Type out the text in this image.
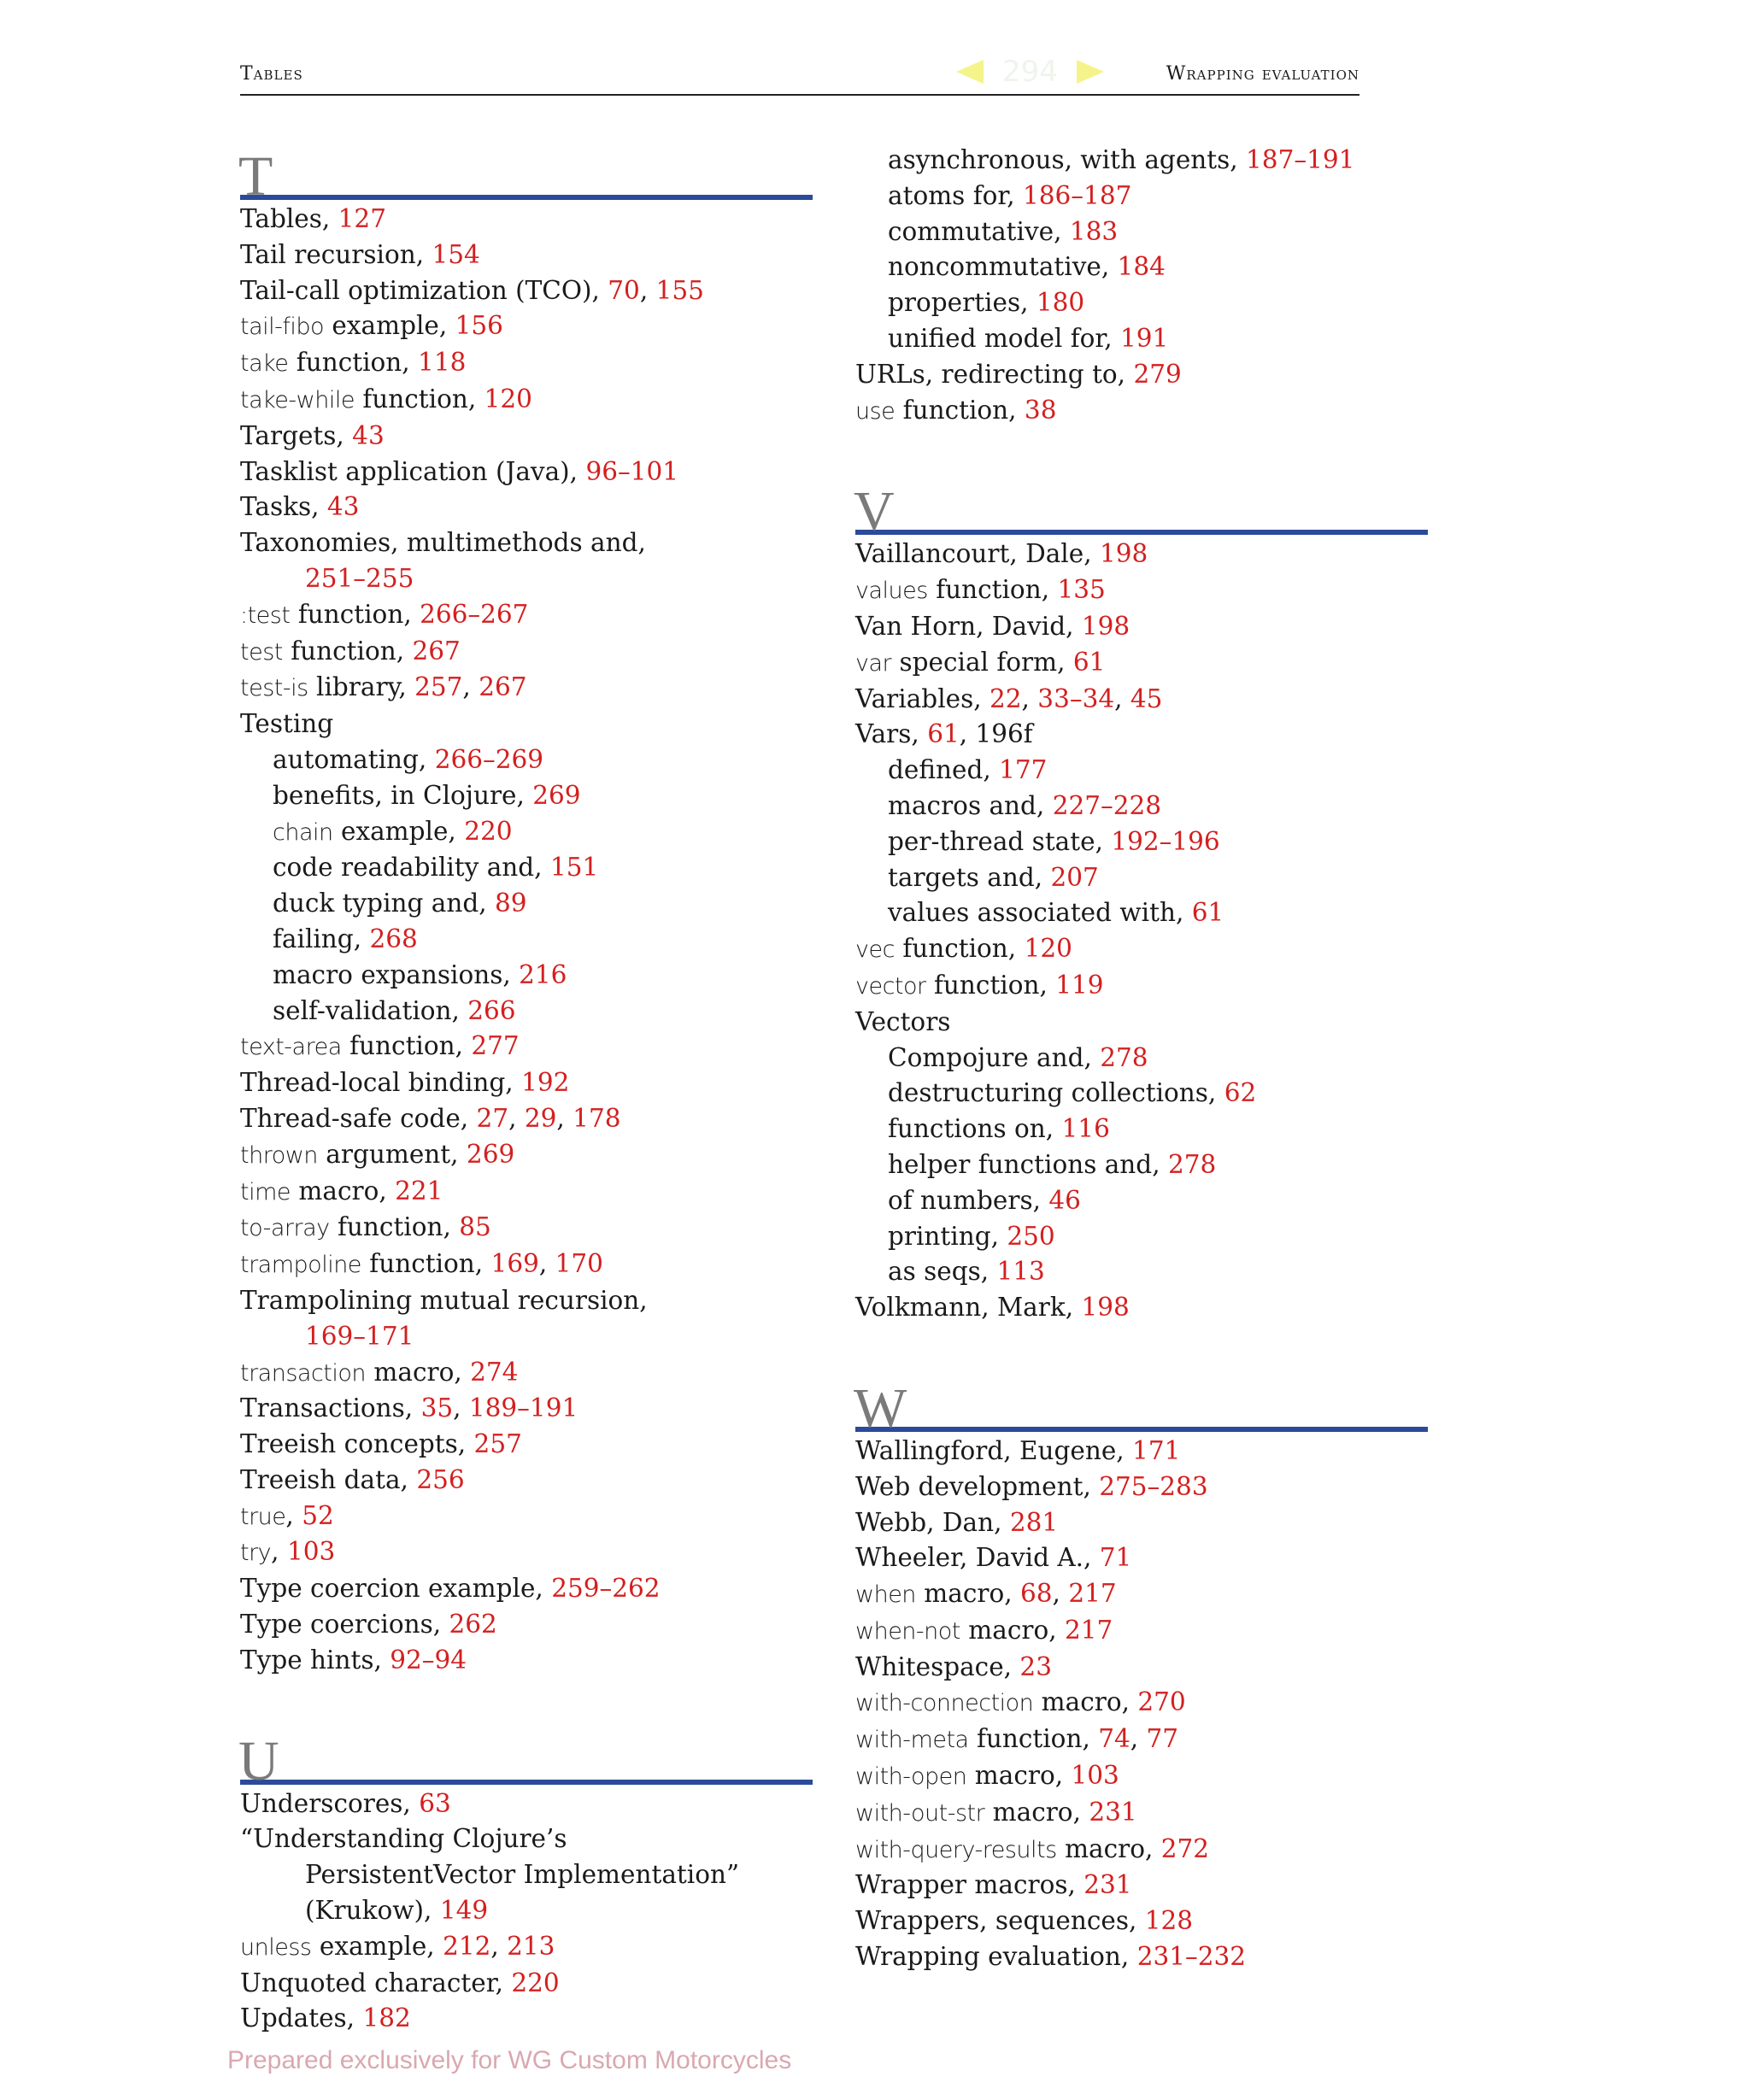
Tables	294	Wrapping evaluation
T
Tables, 127
Tail recursion, 154
Tail-call optimization (TCO), 70, 155
tail-fibo example, 156
take function, 118
take-while function, 120
Targets, 43
Tasklist application (Java), 96–101
Tasks, 43
Taxonomies, multimethods and,
251–255
:test function, 266–267
test function, 267
test-is library, 257, 267
Testing
automating, 266–269
benefits, in Clojure, 269
chain example, 220
code readability and, 151
duck typing and, 89
failing, 268
macro expansions, 216
self-validation, 266
text-area function, 277
Thread-local binding, 192
Thread-safe code, 27, 29, 178
thrown argument, 269
time macro, 221
to-array function, 85
trampoline function, 169, 170
Trampolining mutual recursion,
169–171
transaction macro, 274
Transactions, 35, 189–191
Treeish concepts, 257
Treeish data, 256
true, 52
try, 103
Type coercion example, 259–262
Type coercions, 262
Type hints, 92–94
U
Underscores, 63
“Understanding Clojure’s
PersistentVector Implementation”
(Krukow), 149
unless example, 212, 213
Unquoted character, 220
Updates, 182
asynchronous, with agents, 187–191
atoms for, 186–187
commutative, 183
noncommutative, 184
properties, 180
unified model for, 191
URLs, redirecting to, 279
use function, 38
V
Vaillancourt, Dale, 198
values function, 135
Van Horn, David, 198
var special form, 61
Variables, 22, 33–34, 45
Vars, 61, 196f
defined, 177
macros and, 227–228
per-thread state, 192–196
targets and, 207
values associated with, 61
vec function, 120
vector function, 119
Vectors
Compojure and, 278
destructuring collections, 62
functions on, 116
helper functions and, 278
of numbers, 46
printing, 250
as seqs, 113
Volkmann, Mark, 198
W
Wallingford, Eugene, 171
Web development, 275–283
Webb, Dan, 281
Wheeler, David A., 71
when macro, 68, 217
when-not macro, 217
Whitespace, 23
with-connection macro, 270
with-meta function, 74, 77
with-open macro, 103
with-out-str macro, 231
with-query-results macro, 272
Wrapper macros, 231
Wrappers, sequences, 128
Wrapping evaluation, 231–232
Prepared exclusively for WG Custom Motorcycles
